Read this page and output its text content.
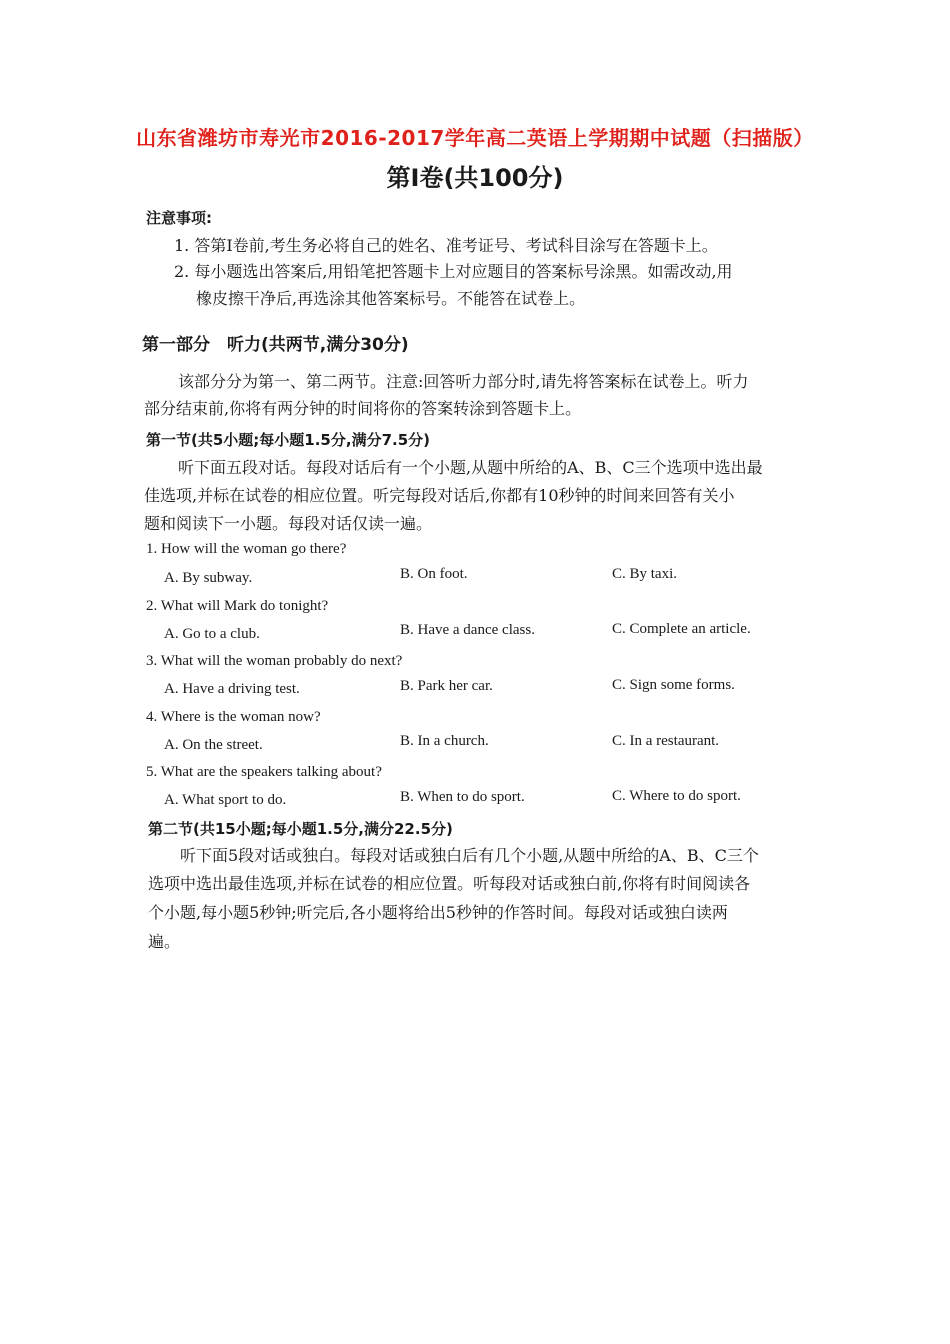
山东省潍坊市寿光市2016-2017学年高二英语上学期期中试题（扫描版）
第Ⅰ卷(共100分)
注意事项:
1. 答第Ⅰ卷前,考生务必将自己的姓名、准考证号、考试科目涂写在答题卡上。
2. 每小题选出答案后,用铅笔把答题卡上对应题目的答案标号涂黑。如需改动,用
橡皮擦干净后,再选涂其他答案标号。不能答在试卷上。
第一部分　听力(共两节,满分30分)
该部分分为第一、第二两节。注意:回答听力部分时,请先将答案标在试卷上。听力
部分结束前,你将有两分钟的时间将你的答案转涂到答题卡上。
第一节(共5小题;每小题1.5分,满分7.5分)
听下面五段对话。每段对话后有一个小题,从题中所给的A、B、C三个选项中选出最
佳选项,并标在试卷的相应位置。听完每段对话后,你都有10秒钟的时间来回答有关小
题和阅读下一小题。每段对话仅读一遍。
1. How will the woman go there?
A. By subway.	B. On foot.	C. By taxi.
2. What will Mark do tonight?
A. Go to a club.	B. Have a dance class.	C. Complete an article.
3. What will the woman probably do next?
A. Have a driving test.	B. Park her car.	C. Sign some forms.
4. Where is the woman now?
A. On the street.	B. In a church.	C. In a restaurant.
5. What are the speakers talking about?
A. What sport to do.	B. When to do sport.	C. Where to do sport.
第二节(共15小题;每小题1.5分,满分22.5分)
听下面5段对话或独白。每段对话或独白后有几个小题,从题中所给的A、B、C三个
选项中选出最佳选项,并标在试卷的相应位置。听每段对话或独白前,你将有时间阅读各
个小题,每小题5秒钟;听完后,各小题将给出5秒钟的作答时间。每段对话或独白读两
遍。
